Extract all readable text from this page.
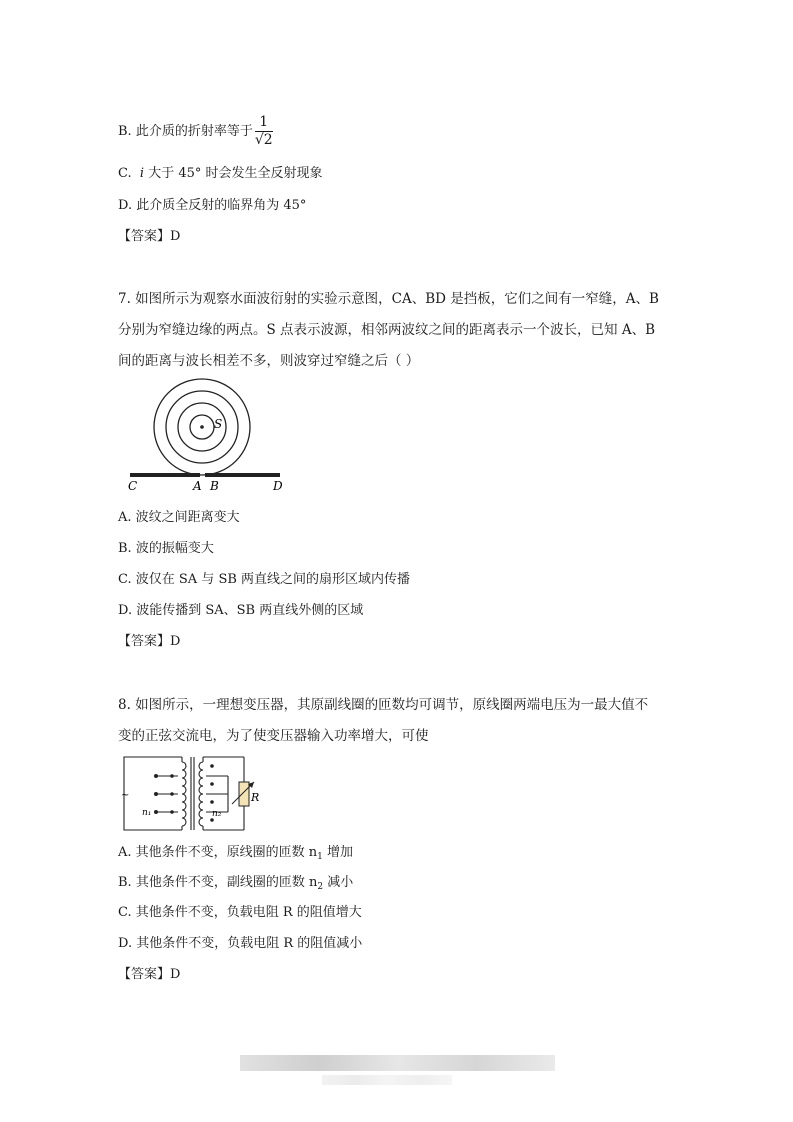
B. 此介质的折射率等于 $\frac{1}{√2}$
C. i 大于 45° 时会发生全反射现象
D. 此介质全反射的临界角为 45°
【答案】D
7. 如图所示为观察水面波衍射的实验示意图，CA、BD 是挡板，它们之间有一窄缝，A、B
分别为窄缝边缘的两点。S 点表示波源，相邻两波纹之间的距离表示一个波长，已知 A、B
间的距离与波长相差不多，则波穿过窄缝之后（ ）
S
C	A B	D
A. 波纹之间距离变大
B. 波的振幅变大
C. 波仅在 SA 与 SB 两直线之间的扇形区域内传播
D. 波能传播到 SA、SB 两直线外侧的区域
【答案】D
8. 如图所示，一理想变压器，其原副线圈的匝数均可调节，原线圈两端电压为一最大值不
变的正弦交流电，为了使变压器输入功率增大，可使
~
n₁	n₂
R
A. 其他条件不变，原线圈的匝数 $n_1$ 增加
B. 其他条件不变，副线圈的匝数 $n_2$ 减小
C. 其他条件不变，负载电阻 R 的阻值增大
D. 其他条件不变，负载电阻 R 的阻值减小
【答案】D
